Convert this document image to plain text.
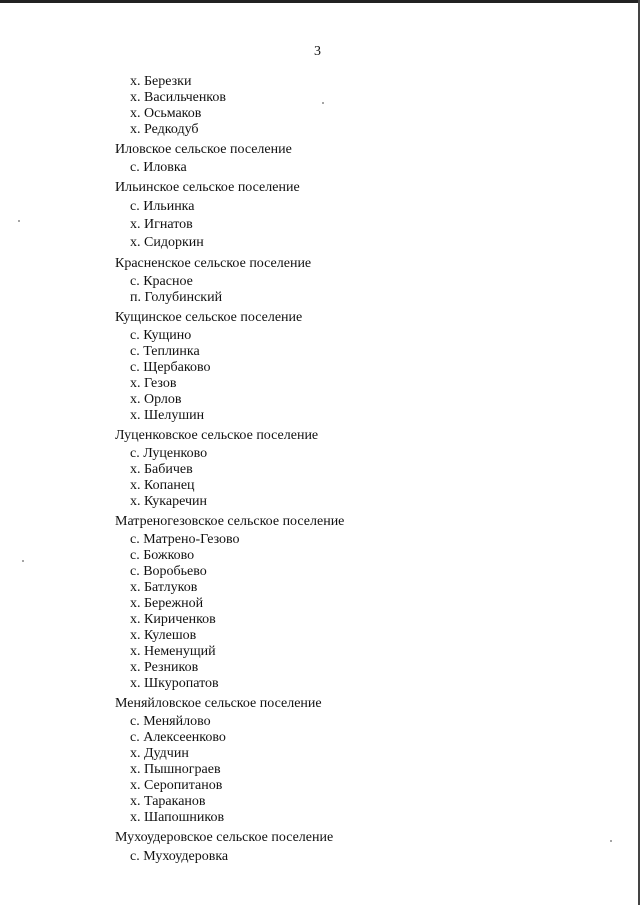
3
х. Березки
х. Васильченков
х. Осьмаков
х. Редкодуб
Иловское сельское поселение
с. Иловка
Ильинское сельское поселение
с. Ильинка
х. Игнатов
х. Сидоркин
Красненское сельское поселение
с. Красное
п. Голубинский
Кущинское сельское поселение
с. Кущино
с. Теплинка
с. Щербаково
х. Гезов
х. Орлов
х. Шелушин
Луценковское сельское поселение
с. Луценково
х. Бабичев
х. Копанец
х. Кукаречин
Матреногезовское сельское поселение
с. Матрено-Гезово
с. Божково
с. Воробьево
х. Батлуков
х. Бережной
х. Кириченков
х. Кулешов
х. Неменущий
х. Резников
х. Шкуропатов
Меняйловское сельское поселение
с. Меняйлово
с. Алексеенково
х. Дудчин
х. Пышнограев
х. Серопитанов
х. Тараканов
х. Шапошников
Мухоудеровское сельское поселение
с. Мухоудеровка
